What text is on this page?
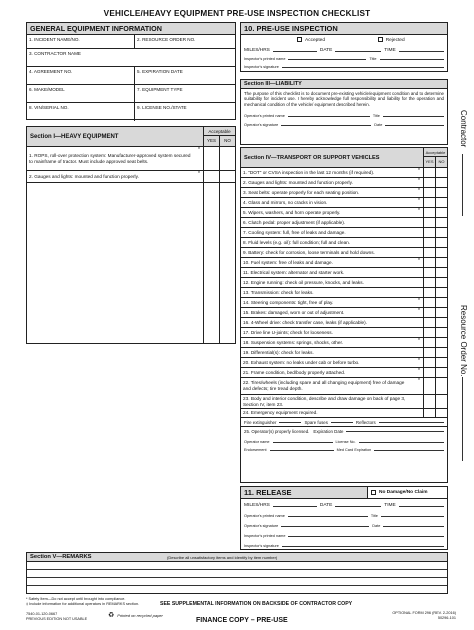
VEHICLE/HEAVY EQUIPMENT PRE-USE INSPECTION CHECKLIST
GENERAL EQUIPMENT INFORMATION
1. INCIDENT NAME/NO.	2. RESOURCE ORDER NO.
3. CONTRACTOR NAME
4. AGREEMENT NO.	5. EXPIRATION DATE
6. MAKE/MODEL	7. EQUIPMENT TYPE
8. VIN/SERIAL NO.	9. LICENSE NO./STATE
Section I—HEAVY EQUIPMENT
Acceptable
YES	NO
1. ROPS, roll-over protection system: Manufacturer-approved system secured to mainframe of tractor. Must include approved seat belts.
*
2. Gauges and lights: mounted and function properly.	*
10. PRE-USE INSPECTION
Accepted	Rejected
MILES/HRS	DATE	TIME
Inspector's printed name	Title
Inspector's signature
Section III—LIABILITY
The purpose of this checklist is to document pre-existing vehicle/equipment condition and to determine suitability for incident use. I hereby acknowledge full responsibility and liability for the operation and mechanical condition of the vehicle/ equipment described herein.
Operator's printed name	Title
Operator's signature	Date
Section IV—TRANSPORT OR SUPPORT VEHICLES
Acceptable
YES	NO
1. "DOT" or CVSA inspection in the last 12 months (if required).	*
2. Gauges and lights: mounted and function properly.	*
3. Seat belts: operate properly for each seating position.	*
4. Glass and mirrors, no cracks in vision.	*
5. Wipers, washers, and horn operate properly.	*
6. Clutch pedal: proper adjustment (if applicable).
7. Cooling system: full, free of leaks and damage.
8. Fluid levels (e.g. oil): full condition; full and clean.
9. Battery: check for corrosion, loose terminals and hold downs.
10. Fuel system: free of leaks and damage.	*
11. Electrical system: alternator and starter work.
12. Engine running: check oil pressure, knocks, and leaks.
13. Transmission: check for leaks.
14. Steering components: tight, free of play.	*
15. Brakes: damaged, worn or out of adjustment.	*
16. 4-Wheel drive: check transfer case, leaks (if applicable).
17. Drive line U-joints; check for looseness.
18. Suspension systems: springs, shocks, other.	*
19. Differential(s): check for leaks.
20. Exhaust system: no leaks under cab or before turbo.	*
21. Frame condition, bed/body properly attached.	*
22. Tires/wheels (including spare and all changing equipment) free of damage and defects; tire tread depth.
*
23. Body and interior condition, describe and draw damage on back of page 3, Section IV, item 23.
24. Emergency equipment required.
Fire extinguisher	Spare fuses	Reflectors
25. Operator(s) properly licensed. Expiration Date
Operator name	License No.
Endorsement	Med Card Expiration
11. RELEASE	No Damage/No Claim
MILES/HRS	DATE	TIME
Operator's printed name	Title
Operator's signature	Date
Inspector's printed name
Inspector's signature
Section V—REMARKS	(Describe all unsatisfactory items and identify by item number)
Contractor
Resource Order No.
* Safety Item—Do not accept until brought into compliance.
‡ Include information for additional operators in REMARKS section.	SEE SUPPLEMENTAL INFORMATION ON BACKSIDE OF CONTRACTOR COPY
7540-01-120-0667
PREVIOUS EDITION NOT USABLE	♻ Printed on recycled paper
FINANCE COPY – PRE-USE
OPTIONAL FORM 296 (REV. 2-2016)
50296-101
